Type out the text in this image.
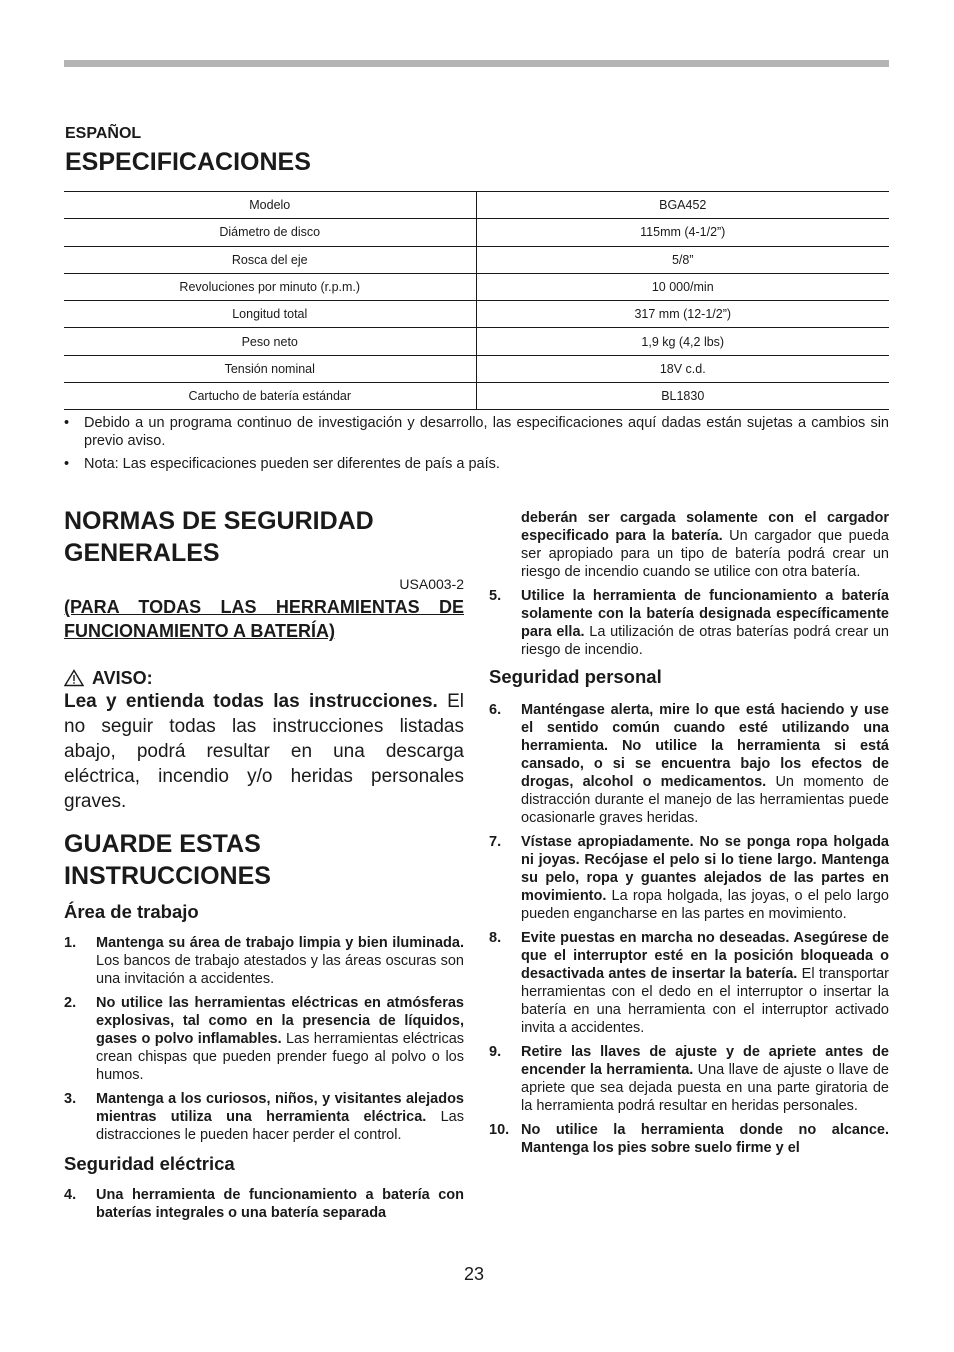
ESPAÑOL
ESPECIFICACIONES
Modelo	BGA452
Diámetro de disco	115mm (4-1/2”)
Rosca del eje	5/8”
Revoluciones por minuto (r.p.m.)	10 000/min
Longitud total	317 mm (12-1/2”)
Peso neto	1,9 kg (4,2 lbs)
Tensión nominal	18V c.d.
Cartucho de batería estándar	BL1830
• Debido a un programa continuo de investigación y desarrollo, las especificaciones aquí dadas están sujetas a cambios sin previo aviso.
• Nota: Las especificaciones pueden ser diferentes de país a país.
NORMAS DE SEGURIDAD
GENERALES
USA003-2
(PARA TODAS LAS HERRAMIENTAS DE
FUNCIONAMIENTO A BATERÍA)
AVISO:
Lea y entienda todas las instrucciones. El no seguir todas las instrucciones listadas abajo, podrá resultar en una descarga eléctrica, incendio y/o heridas personales graves.
GUARDE ESTAS
INSTRUCCIONES
Área de trabajo
1. Mantenga su área de trabajo limpia y bien iluminada. Los bancos de trabajo atestados y las áreas oscuras son una invitación a accidentes.
2. No utilice las herramientas eléctricas en atmósferas explosivas, tal como en la presencia de líquidos, gases o polvo inflamables. Las herramientas eléctricas crean chispas que pueden prender fuego al polvo o los humos.
3. Mantenga a los curiosos, niños, y visitantes alejados mientras utiliza una herramienta eléctrica. Las distracciones le pueden hacer perder el control.
Seguridad eléctrica
4. Una herramienta de funcionamiento a batería con baterías integrales o una batería separada
deberán ser cargada solamente con el cargador especificado para la batería. Un cargador que pueda ser apropiado para un tipo de batería podrá crear un riesgo de incendio cuando se utilice con otra batería.
5. Utilice la herramienta de funcionamiento a batería solamente con la batería designada específicamente para ella. La utilización de otras baterías podrá crear un riesgo de incendio.
Seguridad personal
6. Manténgase alerta, mire lo que está haciendo y use el sentido común cuando esté utilizando una herramienta. No utilice la herramienta si está cansado, o si se encuentra bajo los efectos de drogas, alcohol o medicamentos. Un momento de distracción durante el manejo de las herramientas puede ocasionarle graves heridas.
7. Vístase apropiadamente. No se ponga ropa holgada ni joyas. Recójase el pelo si lo tiene largo. Mantenga su pelo, ropa y guantes alejados de las partes en movimiento. La ropa holgada, las joyas, o el pelo largo pueden engancharse en las partes en movimiento.
8. Evite puestas en marcha no deseadas. Asegúrese de que el interruptor esté en la posición bloqueada o desactivada antes de insertar la batería. El transportar herramientas con el dedo en el interruptor o insertar la batería en una herramienta con el interruptor activado invita a accidentes.
9. Retire las llaves de ajuste y de apriete antes de encender la herramienta. Una llave de ajuste o llave de apriete que sea dejada puesta en una parte giratoria de la herramienta podrá resultar en heridas personales.
10. No utilice la herramienta donde no alcance. Mantenga los pies sobre suelo firme y el
23
